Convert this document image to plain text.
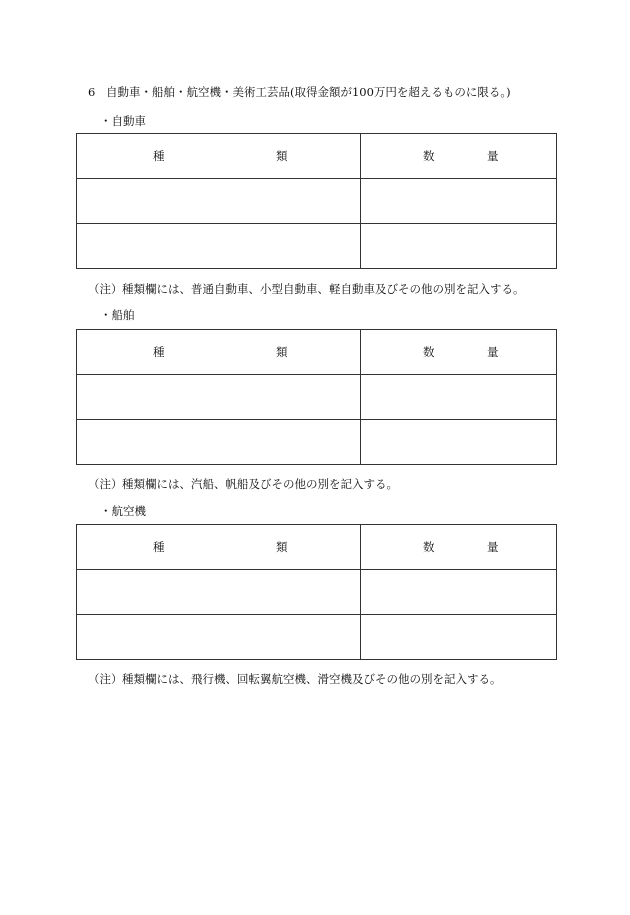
6 自動車・船舶・航空機・美術工芸品(取得金額が100万円を超えるものに限る。)
・自動車
種 類	数 量

（注）種類欄には、普通自動車、小型自動車、軽自動車及びその他の別を記入する。
・船舶
種 類	数 量

（注）種類欄には、汽船、帆船及びその他の別を記入する。
・航空機
種 類	数 量

（注）種類欄には、飛行機、回転翼航空機、滑空機及びその他の別を記入する。
